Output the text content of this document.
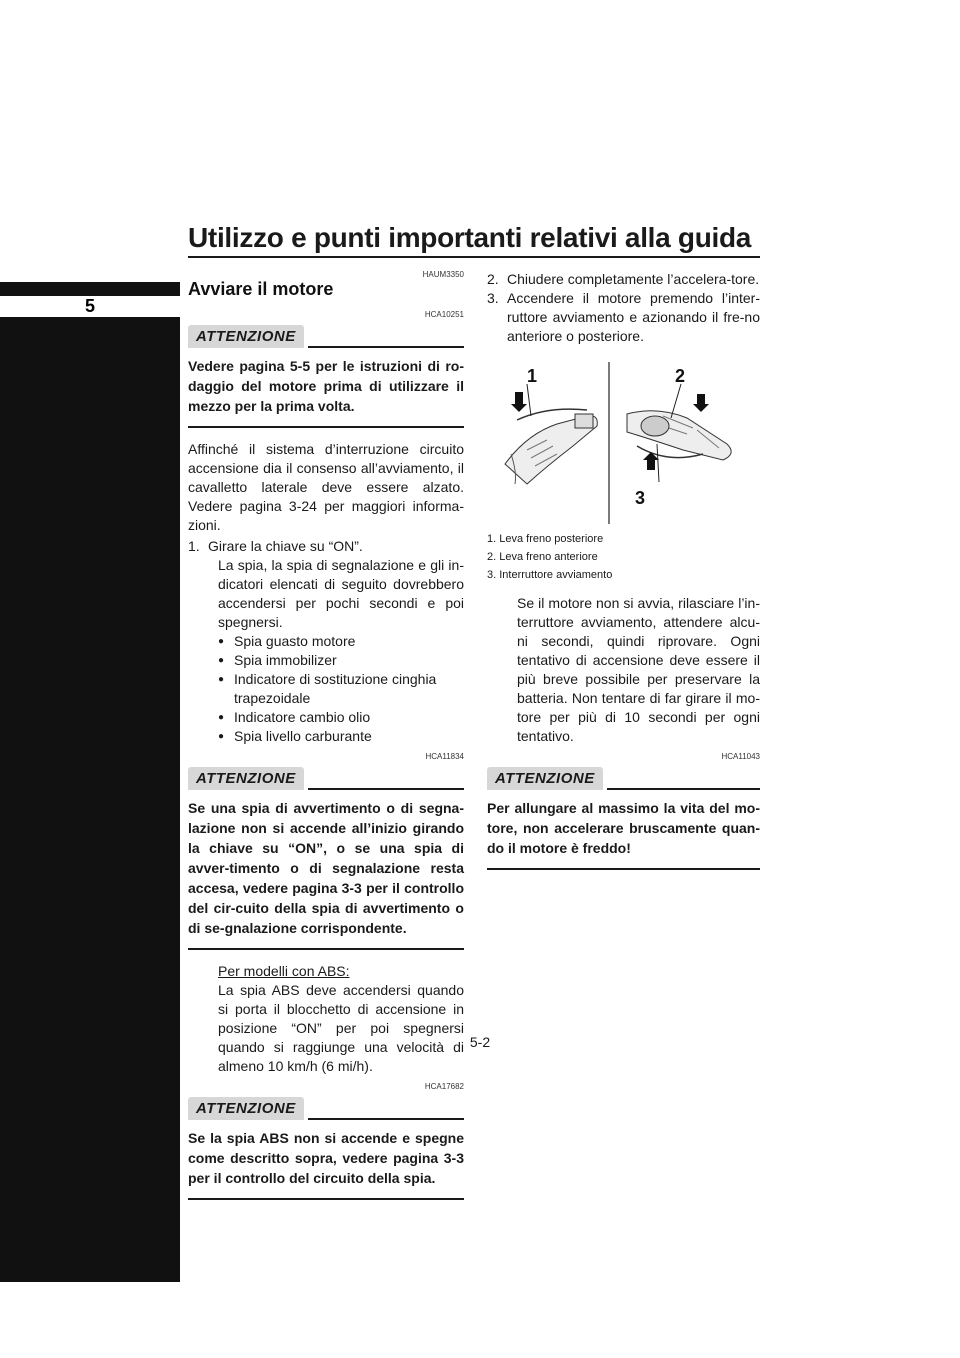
Utilizzo e punti importanti relativi alla guida
5

HAUM3350

Avviare il motore

HCA10251

ATTENZIONE
Vedere pagina 5-5 per le istruzioni di ro-daggio del motore prima di utilizzare il mezzo per la prima volta.

Affinché il sistema d’interruzione circuito accensione dia il consenso all’avviamento, il cavalletto laterale deve essere alzato. Vedere pagina 3-24 per maggiori informa-zioni.

1. Girare la chiave su “ON”.

La spia, la spia di segnalazione e gli in-dicatori elencati di seguito dovrebbero accendersi per pochi secondi e poi spegnersi.

● Spia guasto motore
● Spia immobilizer
● Indicatore di sostituzione cinghia trapezoidale
● Indicatore cambio olio
● Spia livello carburante

HCA11834

ATTENZIONE
Se una spia di avvertimento o di segna-lazione non si accende all’inizio girando la chiave su “ON”, o se una spia di avver-timento o di segnalazione resta accesa, vedere pagina 3-3 per il controllo del cir-cuito della spia di avvertimento o di se-gnalazione corrispondente.

Per modelli con ABS:

La spia ABS deve accendersi quando si porta il blocchetto di accensione in posizione “ON” per poi spegnersi quando si raggiunge una velocità di almeno 10 km/h (6 mi/h).

HCA17682

ATTENZIONE
Se la spia ABS non si accende e spegne come descritto sopra, vedere pagina 3-3 per il controllo del circuito della spia.
2. Chiudere completamente l’accelera-tore.
3. Accendere il motore premendo l’inter-ruttore avviamento e azionando il fre-no anteriore o posteriore.
1	2
3

1. Leva freno posteriore

2. Leva freno anteriore

3. Interruttore avviamento

Se il motore non si avvia, rilasciare l’in-terruttore avviamento, attendere alcu-ni secondi, quindi riprovare. Ogni tentativo di accensione deve essere il più breve possibile per preservare la batteria. Non tentare di far girare il mo-tore per più di 10 secondi per ogni tentativo.

HCA11043

ATTENZIONE
Per allungare al massimo la vita del mo-tore, non accelerare bruscamente quan-do il motore è freddo!
5-2
